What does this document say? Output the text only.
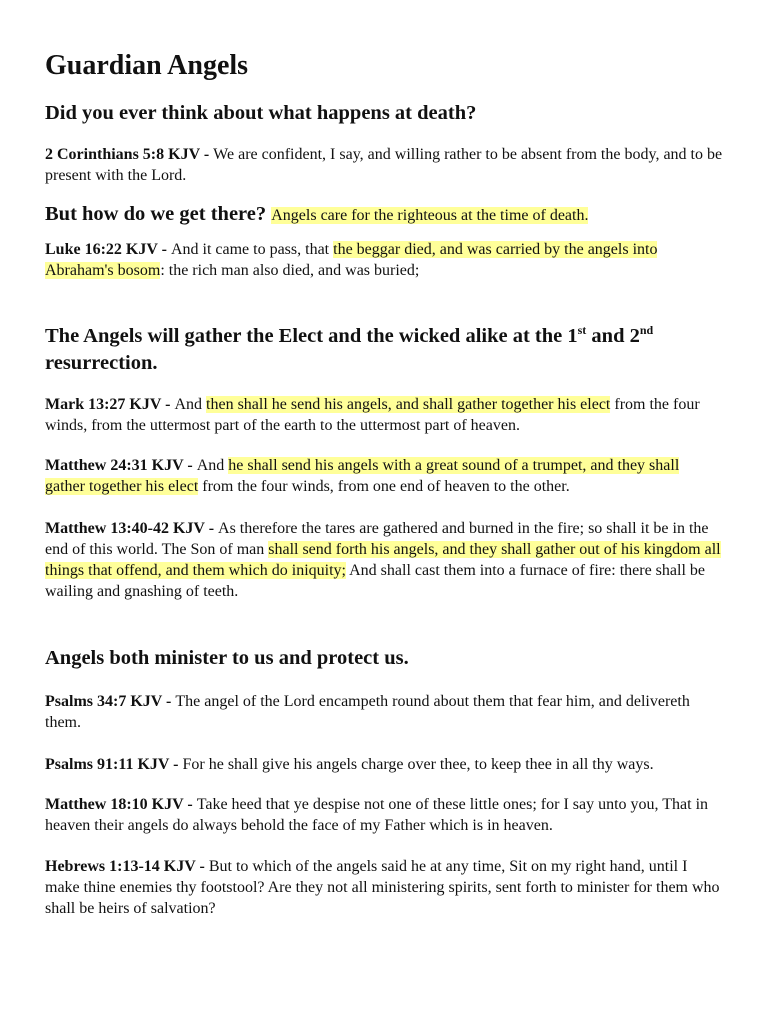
Guardian Angels
Did you ever think about what happens at death?

2 Corinthians 5:8 KJV - We are confident, I say, and willing rather to be absent from the body, and to be present with the Lord.

But how do we get there? Angels care for the righteous at the time of death.

Luke 16:22 KJV - And it came to pass, that the beggar died, and was carried by the angels into Abraham's bosom: the rich man also died, and was buried;

The Angels will gather the Elect and the wicked alike at the 1st and 2nd resurrection.

Mark 13:27 KJV - And then shall he send his angels, and shall gather together his elect from the four winds, from the uttermost part of the earth to the uttermost part of heaven.

Matthew 24:31 KJV - And he shall send his angels with a great sound of a trumpet, and they shall gather together his elect from the four winds, from one end of heaven to the other.

Matthew 13:40-42 KJV - As therefore the tares are gathered and burned in the fire; so shall it be in the end of this world. The Son of man shall send forth his angels, and they shall gather out of his kingdom all things that offend, and them which do iniquity; And shall cast them into a furnace of fire: there shall be wailing and gnashing of teeth.

Angels both minister to us and protect us.

Psalms 34:7 KJV - The angel of the Lord encampeth round about them that fear him, and delivereth them.

Psalms 91:11 KJV - For he shall give his angels charge over thee, to keep thee in all thy ways.

Matthew 18:10 KJV - Take heed that ye despise not one of these little ones; for I say unto you, That in heaven their angels do always behold the face of my Father which is in heaven.

Hebrews 1:13-14 KJV - But to which of the angels said he at any time, Sit on my right hand, until I make thine enemies thy footstool? Are they not all ministering spirits, sent forth to minister for them who shall be heirs of salvation?
